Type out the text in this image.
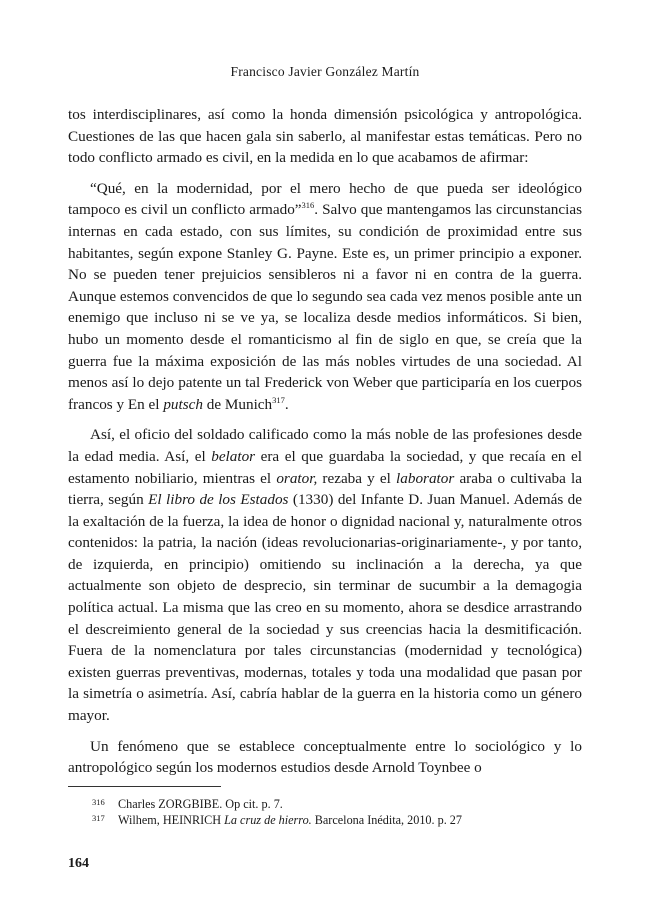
Francisco Javier González Martín

tos interdisciplinares, así como la honda dimensión psicológica y antropológica. Cuestiones de las que hacen gala sin saberlo, al manifestar estas temáticas. Pero no todo conflicto armado es civil, en la medida en lo que acabamos de afirmar:

“Qué, en la modernidad, por el mero hecho de que pueda ser ideológico tampoco es civil un conflicto armado”$^{316}$. Salvo que mantengamos las circunstancias internas en cada estado, con sus límites, su condición de proximidad entre sus habitantes, según expone Stanley G. Payne. Este es, un primer principio a exponer. No se pueden tener prejuicios sensibleros ni a favor ni en contra de la guerra. Aunque estemos convencidos de que lo segundo sea cada vez menos posible ante un enemigo que incluso ni se ve ya, se localiza desde medios informáticos. Si bien, hubo un momento desde el romanticismo al fin de siglo en que, se creía que la guerra fue la máxima exposición de las más nobles virtudes de una sociedad. Al menos así lo dejo patente un tal Frederick von Weber que participaría en los cuerpos francos y En el putsch de Munich$^{317}$.

Así, el oficio del soldado calificado como la más noble de las profesiones desde la edad media. Así, el belator era el que guardaba la sociedad, y que recaía en el estamento nobiliario, mientras el orator, rezaba y el laborator araba o cultivaba la tierra, según El libro de los Estados (1330) del Infante D. Juan Manuel. Además de la exaltación de la fuerza, la idea de honor o dignidad nacional y, naturalmente otros contenidos: la patria, la nación (ideas revolucionarias-originariamente-, y por tanto, de izquierda, en principio) omitiendo su inclinación a la derecha, ya que actualmente son objeto de desprecio, sin terminar de sucumbir a la demagogia política actual. La misma que las creo en su momento, ahora se desdice arrastrando el descreimiento general de la sociedad y sus creencias hacia la desmitificación. Fuera de la nomenclatura por tales circunstancias (modernidad y tecnológica) existen guerras preventivas, modernas, totales y toda una modalidad que pasan por la simetría o asimetría. Así, cabría hablar de la guerra en la historia como un género mayor.

Un fenómeno que se establece conceptualmente entre lo sociológico y lo antropológico según los modernos estudios desde Arnold Toynbee o

316 Charles ZORGBIBE. Op cit. p. 7.
317 Wilhem, HEINRICH La cruz de hierro. Barcelona Inédita, 2010. p. 27
164
